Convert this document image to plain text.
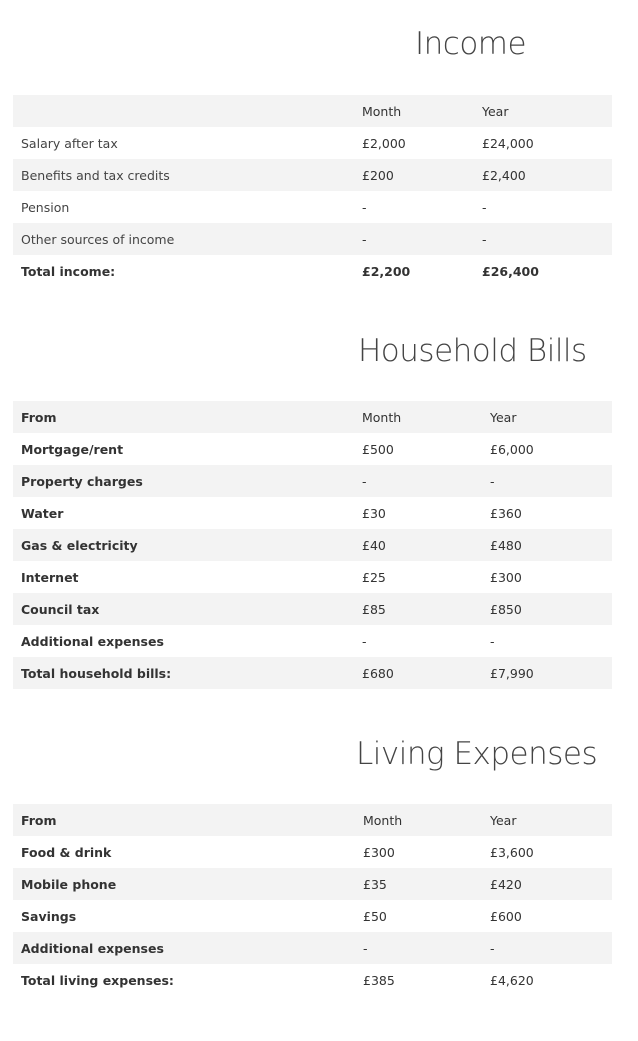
Income
	Month	Year
Salary after tax	£2,000	£24,000
Benefits and tax credits	£200	£2,400
Pension	-	-
Other sources of income	-	-
Total income:	£2,200	£26,400
Household Bills
From	Month	Year
Mortgage/rent	£500	£6,000
Property charges	-	-
Water	£30	£360
Gas & electricity	£40	£480
Internet	£25	£300
Council tax	£85	£850
Additional expenses	-	-
Total household bills:	£680	£7,990
Living Expenses
From	Month	Year
Food & drink	£300	£3,600
Mobile phone	£35	£420
Savings	£50	£600
Additional expenses	-	-
Total living expenses:	£385	£4,620
